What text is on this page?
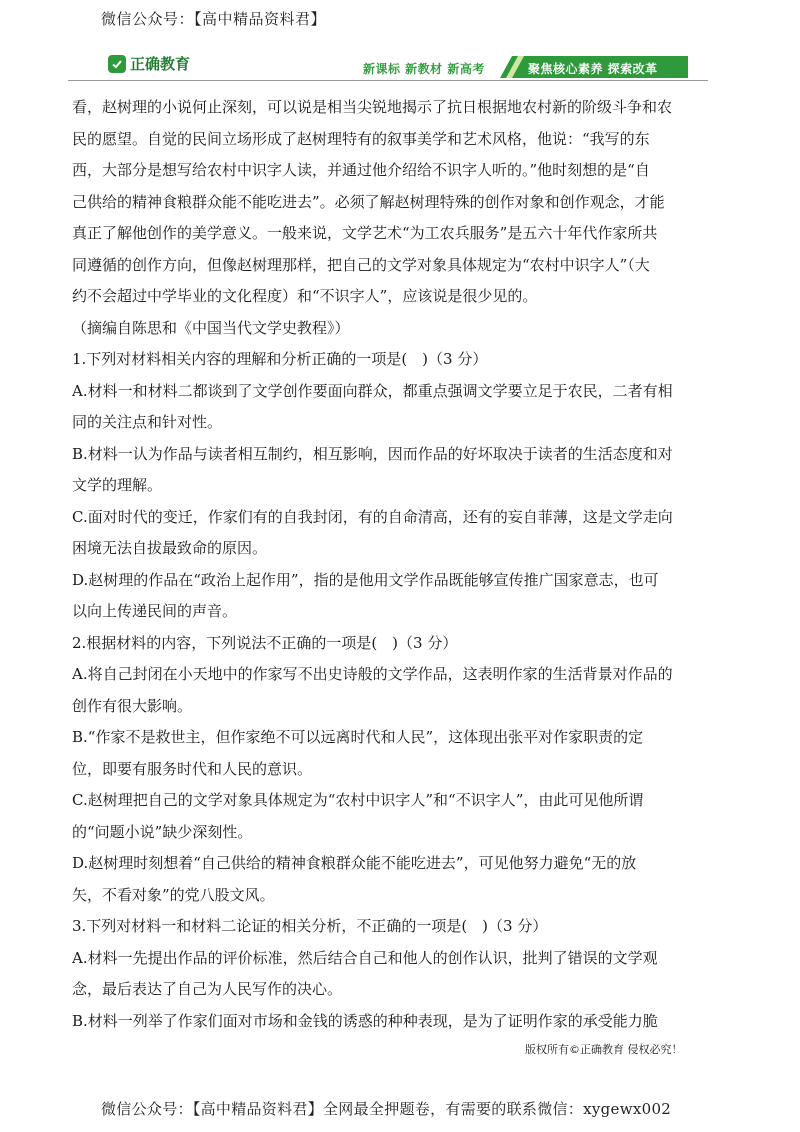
微信公众号：【高中精品资料君】
正确教育	新课标 新教材 新高考	聚焦核心素养 探索改革

看，赵树理的小说何止深刻，可以说是相当尖锐地揭示了抗日根据地农村新的阶级斗争和农

民的愿望。自觉的民间立场形成了赵树理特有的叙事美学和艺术风格，他说：“我写的东

西，大部分是想写给农村中识字人读，并通过他介绍给不识字人听的。”他时刻想的是“自

己供给的精神食粮群众能不能吃进去”。必须了解赵树理特殊的创作对象和创作观念，才能

真正了解他创作的美学意义。一般来说，文学艺术“为工农兵服务”是五六十年代作家所共

同遵循的创作方向，但像赵树理那样，把自己的文学对象具体规定为“农村中识字人”（大

约不会超过中学毕业的文化程度）和“不识字人”，应该说是很少见的。

（摘编自陈思和《中国当代文学史教程》）

1.下列对材料相关内容的理解和分析正确的一项是(　)（3 分）

A.材料一和材料二都谈到了文学创作要面向群众，都重点强调文学要立足于农民，二者有相

同的关注点和针对性。

B.材料一认为作品与读者相互制约，相互影响，因而作品的好坏取决于读者的生活态度和对

文学的理解。

C.面对时代的变迁，作家们有的自我封闭，有的自命清高，还有的妄自菲薄，这是文学走向

困境无法自拔最致命的原因。

D.赵树理的作品在“政治上起作用”，指的是他用文学作品既能够宣传推广国家意志，也可

以向上传递民间的声音。

2.根据材料的内容，下列说法不正确的一项是(　)（3 分）

A.将自己封闭在小天地中的作家写不出史诗般的文学作品，这表明作家的生活背景对作品的

创作有很大影响。

B.“作家不是救世主，但作家绝不可以远离时代和人民”，这体现出张平对作家职责的定

位，即要有服务时代和人民的意识。

C.赵树理把自己的文学对象具体规定为“农村中识字人”和“不识字人”，由此可见他所谓

的“问题小说”缺少深刻性。

D.赵树理时刻想着“自己供给的精神食粮群众能不能吃进去”，可见他努力避免“无的放

矢，不看对象”的党八股文风。

3.下列对材料一和材料二论证的相关分析，不正确的一项是(　)（3 分）

A.材料一先提出作品的评价标准，然后结合自己和他人的创作认识，批判了错误的文学观

念，最后表达了自己为人民写作的决心。

B.材料一列举了作家们面对市场和金钱的诱惑的种种表现，是为了证明作家的承受能力脆

版权所有©正确教育 侵权必究！
微信公众号：【高中精品资料君】全网最全押题卷，有需要的联系微信：xygewx002
